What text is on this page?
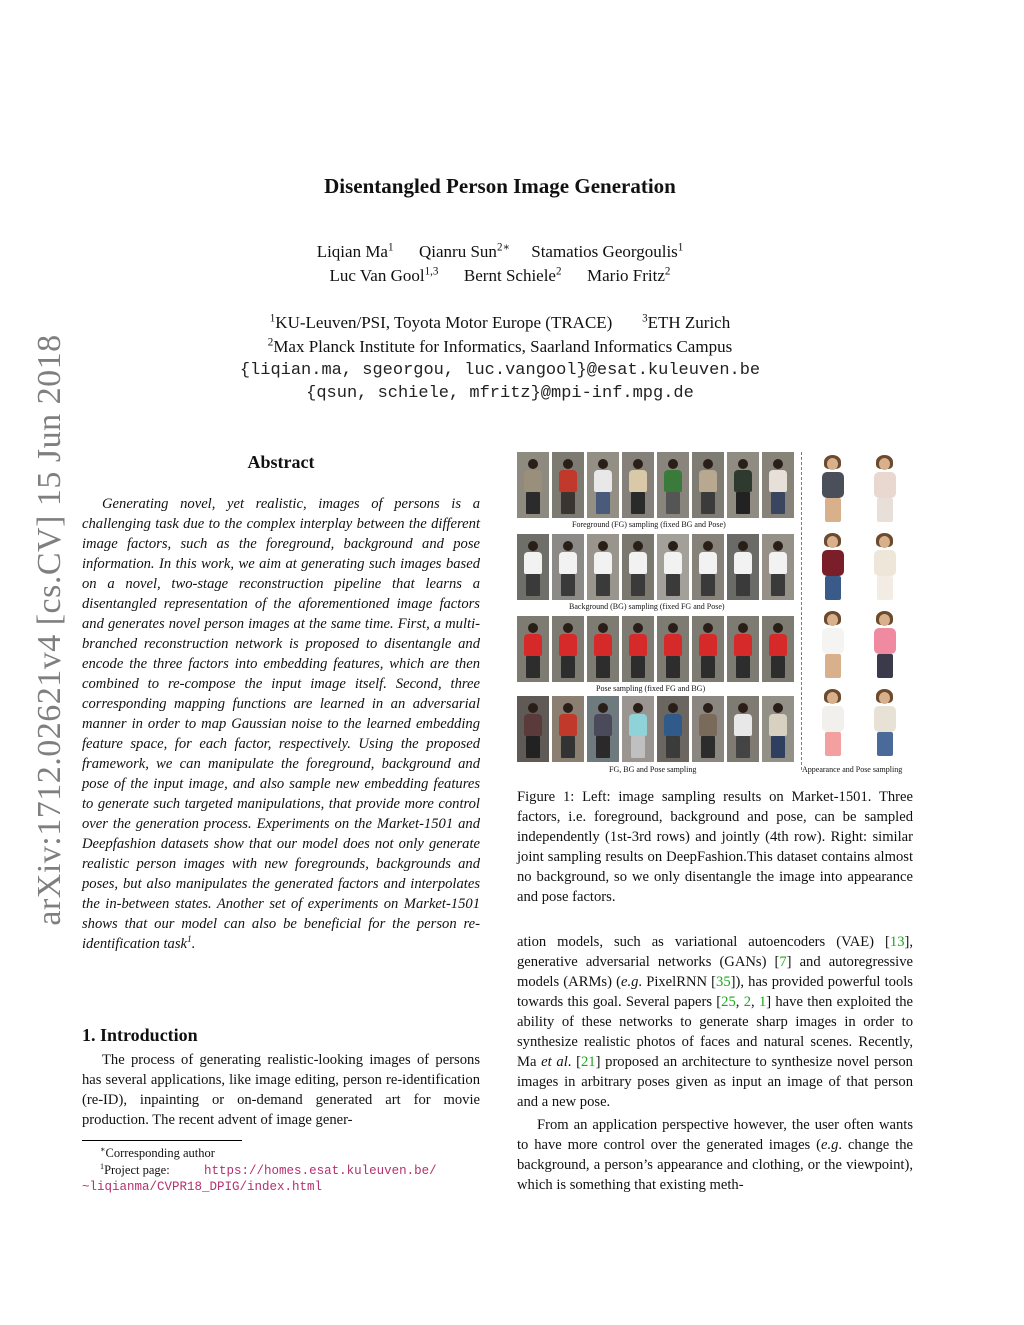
arXiv:1712.02621v4 [cs.CV] 15 Jun 2018
Disentangled Person Image Generation
Liqian Ma$^1$ Qianru Sun$^{2∗}$ Stamatios Georgoulis$^1$
Luc Van Gool$^{1,3}$ Bernt Schiele$^2$ Mario Fritz$^2$
$^1$KU-Leuven/PSI, Toyota Motor Europe (TRACE)	$^3$ETH Zurich
$^2$Max Planck Institute for Informatics, Saarland Informatics Campus
{liqian.ma, sgeorgou, luc.vangool}@esat.kuleuven.be
{qsun, schiele, mfritz}@mpi-inf.mpg.de
Abstract
Generating novel, yet realistic, images of persons is a challenging task due to the complex interplay between the different image factors, such as the foreground, background and pose information. In this work, we aim at generating such images based on a novel, two-stage reconstruction pipeline that learns a disentangled representation of the aforementioned image factors and generates novel person images at the same time. First, a multi-branched reconstruction network is proposed to disentangle and encode the three factors into embedding features, which are then combined to re-compose the input image itself. Second, three corresponding mapping functions are learned in an adversarial manner in order to map Gaussian noise to the learned embedding feature space, for each factor, respectively. Using the proposed framework, we can manipulate the foreground, background and pose of the input image, and also sample new embedding features to generate such targeted manipulations, that provide more control over the generation process. Experiments on the Market-1501 and Deepfashion datasets show that our model does not only generate realistic person images with new foregrounds, backgrounds and poses, but also manipulates the generated factors and interpolates the in-between states. Another set of experiments on Market-1501 shows that our model can also be beneficial for the person re-identification task$^1$.
1. Introduction
The process of generating realistic-looking images of persons has several applications, like image editing, person re-identification (re-ID), inpainting or on-demand generated art for movie production. The recent advent of image gener-
∗Corresponding author
$^1$Project page:	https://homes.esat.kuleuven.be/
~liqianma/CVPR18_DPIG/index.html
Foreground (FG) sampling (fixed BG and Pose)
Background (BG) sampling (fixed FG and Pose)
Pose sampling (fixed FG and BG)
FG, BG and Pose sampling	Appearance and Pose sampling
Figure 1: Left: image sampling results on Market-1501. Three factors, i.e. foreground, background and pose, can be sampled independently (1st-3rd rows) and jointly (4th row). Right: similar joint sampling results on DeepFashion.This dataset contains almost no background, so we only disentangle the image into appearance and pose factors.
ation models, such as variational autoencoders (VAE) [13], generative adversarial networks (GANs) [7] and autoregressive models (ARMs) (e.g. PixelRNN [35]), has provided powerful tools towards this goal. Several papers [25, 2, 1] have then exploited the ability of these networks to generate sharp images in order to synthesize realistic photos of faces and natural scenes. Recently, Ma et al. [21] proposed an architecture to synthesize novel person images in arbitrary poses given as input an image of that person and a new pose.
From an application perspective however, the user often wants to have more control over the generated images (e.g. change the background, a person’s appearance and clothing, or the viewpoint), which is something that existing meth-
